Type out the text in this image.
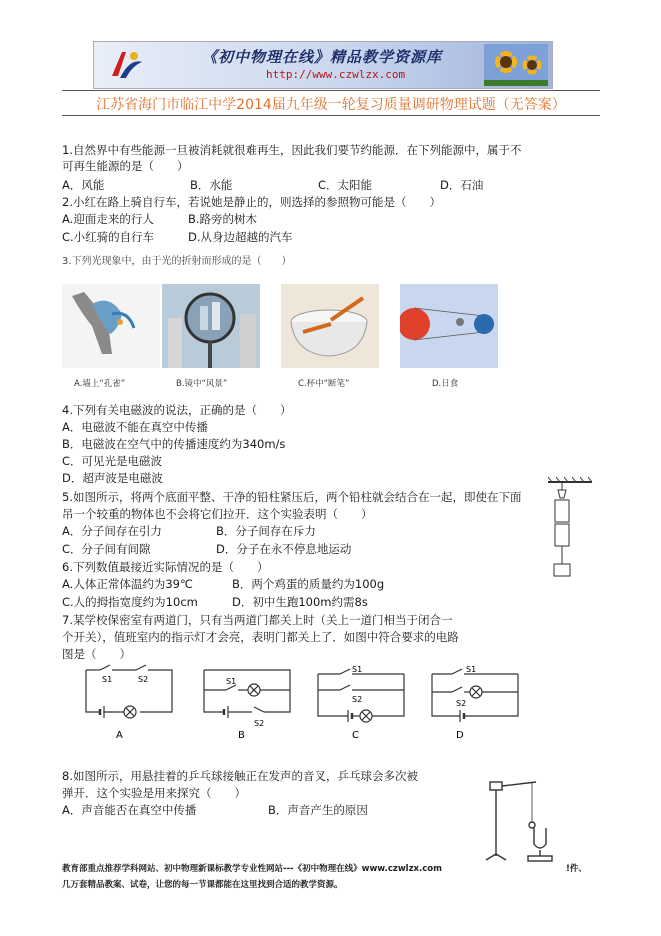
《初中物理在线》精品教学资源库
http://www.czwlzx.com
江苏省海门市临江中学2014届九年级一轮复习质量调研物理试题（无答案）
1.自然界中有些能源一旦被消耗就很难再生，因此我们要节约能源．在下列能源中，属于不
可再生能源的是（　　）
A．风能	B．水能	C．太阳能	D．石油
2.小红在路上骑自行车，若说她是静止的，则选择的参照物可能是（　　）
A.迎面走来的行人	B.路旁的树木
C.小红骑的自行车	D.从身边超越的汽车
3.下列光现象中，由于光的折射而形成的是（　　）
A.墙上“孔雀”	B.镜中“风景”	C.杯中“断笔”	D.日食
4.下列有关电磁波的说法，正确的是（　　）
A．电磁波不能在真空中传播
B．电磁波在空气中的传播速度约为340m/s
C．可见光是电磁波
D．超声波是电磁波
5.如图所示，将两个底面平整、干净的铅柱紧压后，两个铅柱就会结合在一起，即使在下面
吊一个较重的物体也不会将它们拉开．这个实验表明（　　）
A．分子间存在引力	B．分子间存在斥力
C．分子间有间隙	D．分子在永不停息地运动
6.下列数值最接近实际情况的是（　　）
A.人体正常体温约为39℃	B．两个鸡蛋的质量约为100g
C.人的拇指宽度约为10cm	D．初中生跑100m约需8s
7.某学校保密室有两道门，只有当两道门都关上时（关上一道门相当于闭合一
个开关），值班室内的指示灯才会亮，表明门都关上了．如图中符合要求的电路
图是（　　）
S1	S2
A
S1
S2
B
S1
S2
C
S1
S2
D
8.如图所示，用悬挂着的乒乓球接触正在发声的音叉，乒乓球会多次被
弹开．这个实验是用来探究（　　）
A．声音能否在真空中传播	B．声音产生的原因
教育部重点推荐学科网站、初中物理新课标教学专业性网站---《初中物理在线》www.czwlzx.com	!件、
几万套精品教案、试卷，让您的每一节课都能在这里找到合适的教学资源。
